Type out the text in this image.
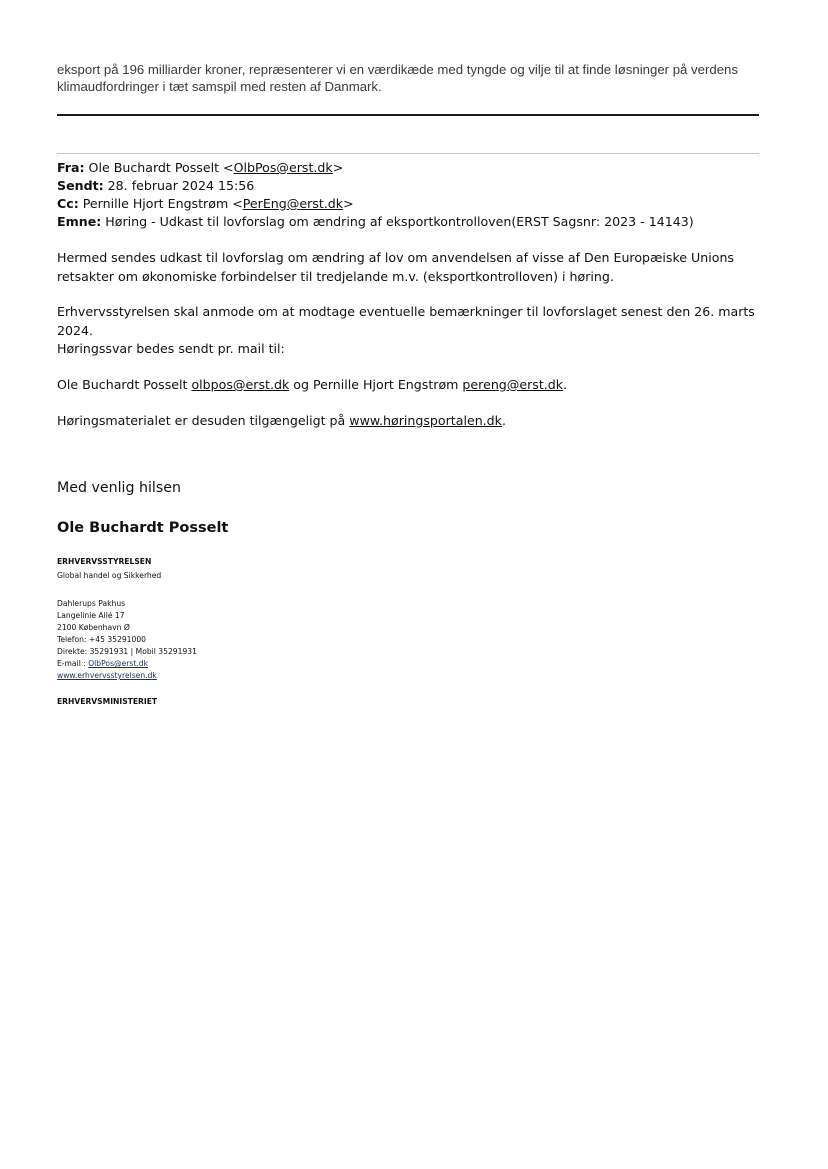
eksport på 196 milliarder kroner, repræsenterer vi en værdikæde med tyngde og vilje til at finde løsninger på verdens klimaudfordringer i tæt samspil med resten af Danmark.
Fra: Ole Buchardt Posselt <OlbPos@erst.dk>
Sendt: 28. februar 2024 15:56
Cc: Pernille Hjort Engstrøm <PerEng@erst.dk>
Emne: Høring - Udkast til lovforslag om ændring af eksportkontrolloven(ERST Sagsnr: 2023 - 14143)
Hermed sendes udkast til lovforslag om ændring af lov om anvendelsen af visse af Den Europæiske Unions retsakter om økonomiske forbindelser til tredjelande m.v. (eksportkontrolloven) i høring.
Erhvervsstyrelsen skal anmode om at modtage eventuelle bemærkninger til lovforslaget senest den 26. marts 2024.
Høringssvar bedes sendt pr. mail til:
Ole Buchardt Posselt olbpos@erst.dk og Pernille Hjort Engstrøm pereng@erst.dk.
Høringsmaterialet er desuden tilgængeligt på www.høringsportalen.dk.
Med venlig hilsen
Ole Buchardt Posselt
ERHVERVSSTYRELSEN
Global handel og Sikkerhed
Dahlerups Pakhus
Langelinie Allé 17
2100 København Ø
Telefon: +45 35291000
Direkte: 35291931 | Mobil 35291931
E-mail : OlbPos@erst.dk
www.erhvervsstyrelsen.dk
ERHVERVSMINISTERIET
